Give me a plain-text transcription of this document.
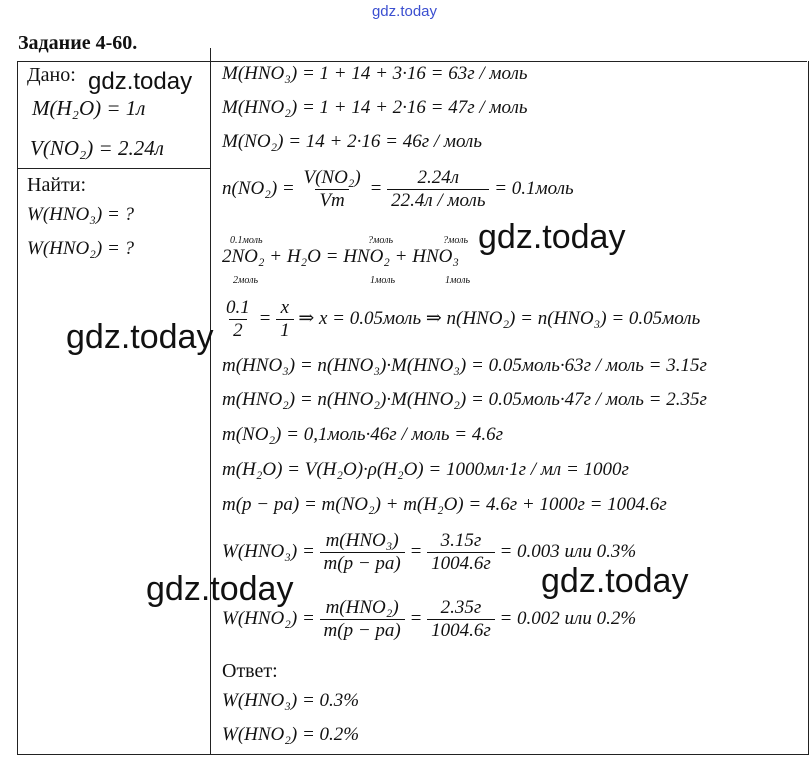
gdz.today
Задание 4-60.
Дано:
M(H₂O) = 1л
V(NO₂) = 2.24л
Найти:
W(HNO₃) = ?
W(HNO₂) = ?
M(HNO₃) = 1 + 14 + 3·16 = 63г / моль
M(HNO₂) = 1 + 14 + 2·16 = 47г / моль
M(NO₂) = 14 + 2·16 = 46г / моль
$n(NO_2) = \frac{\text{V(NO₂)}}{Vm} = \frac{2.24л}{\text{22.4л / моль}}$ = 0.1моль
0.1моль	?моль	?моль
2NO₂ + H₂O = HNO₂ + HNO₃
2моль	1моль	1моль
$\frac{0.1}{2} = \frac{x}{1}$ ⇒ x = 0.05моль ⇒ n(HNO₂) = n(HNO₃) = 0.05моль
m(HNO₃) = n(HNO₃)·M(HNO₃) = 0.05моль·63г / моль = 3.15г
m(HNO₂) = n(HNO₂)·M(HNO₂) = 0.05моль·47г / моль = 2.35г
m(NO₂) = 0,1моль·46г / моль = 4.6г
m(H₂O) = V(H₂O)·ρ(H₂O) = 1000мл·1г / мл = 1000г
m(p − pa) = m(NO₂) + m(H₂O) = 4.6г + 1000г = 1004.6г
$W(HNO_3) = \frac{\text{m(HNO₃)}}{m(p - pa)} = \frac{3.15г}{1004.6г} = 0.003$ или 0.3%
$W(HNO_2) = \frac{\text{m(HNO₂)}}{m(p - pa)} = \frac{2.35г}{1004.6г} = 0.002$ или 0.2%
Ответ:
W(HNO₃) = 0.3%
W(HNO₂) = 0.2%
gdz.today
gdz.today
gdz.today
gdz.today	gdz.today
